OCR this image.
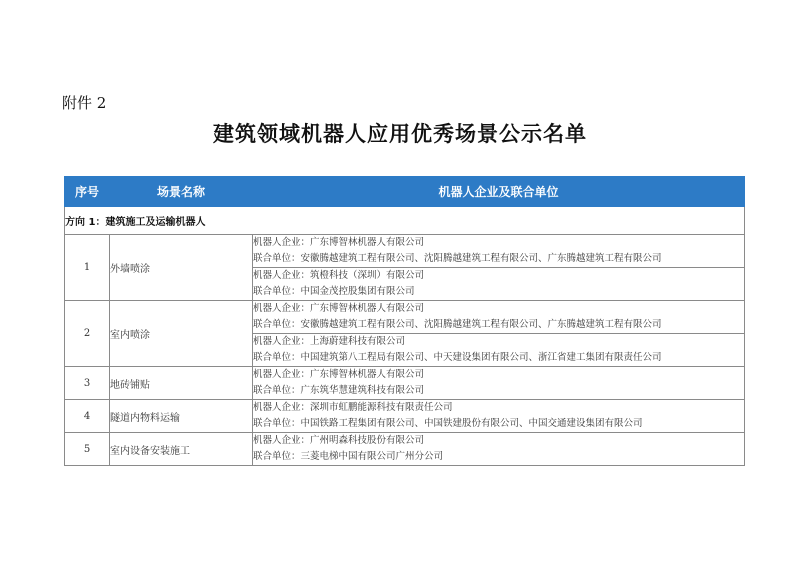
附件 2
建筑领域机器人应用优秀场景公示名单
序号	场景名称	机器人企业及联合单位
方向 1：建筑施工及运输机器人		
1	外墙喷涂	机器人企业：广东博智林机器人有限公司
联合单位：安徽腾越建筑工程有限公司、沈阳腾越建筑工程有限公司、广东腾越建筑工程有限公司

		机器人企业：筑橙科技（深圳）有限公司
联合单位：中国金茂控股集团有限公司

2	室内喷涂	机器人企业：广东博智林机器人有限公司
联合单位：安徽腾越建筑工程有限公司、沈阳腾越建筑工程有限公司、广东腾越建筑工程有限公司

		机器人企业：上海蔚建科技有限公司
联合单位：中国建筑第八工程局有限公司、中天建设集团有限公司、浙江省建工集团有限责任公司

3	地砖铺贴	机器人企业：广东博智林机器人有限公司
联合单位：广东筑华慧建筑科技有限公司

4	隧道内物料运输	机器人企业：深圳市虹鹏能源科技有限责任公司
联合单位：中国铁路工程集团有限公司、中国铁建股份有限公司、中国交通建设集团有限公司

5	室内设备安装施工	机器人企业：广州明森科技股份有限公司
联合单位：三菱电梯中国有限公司广州分公司
